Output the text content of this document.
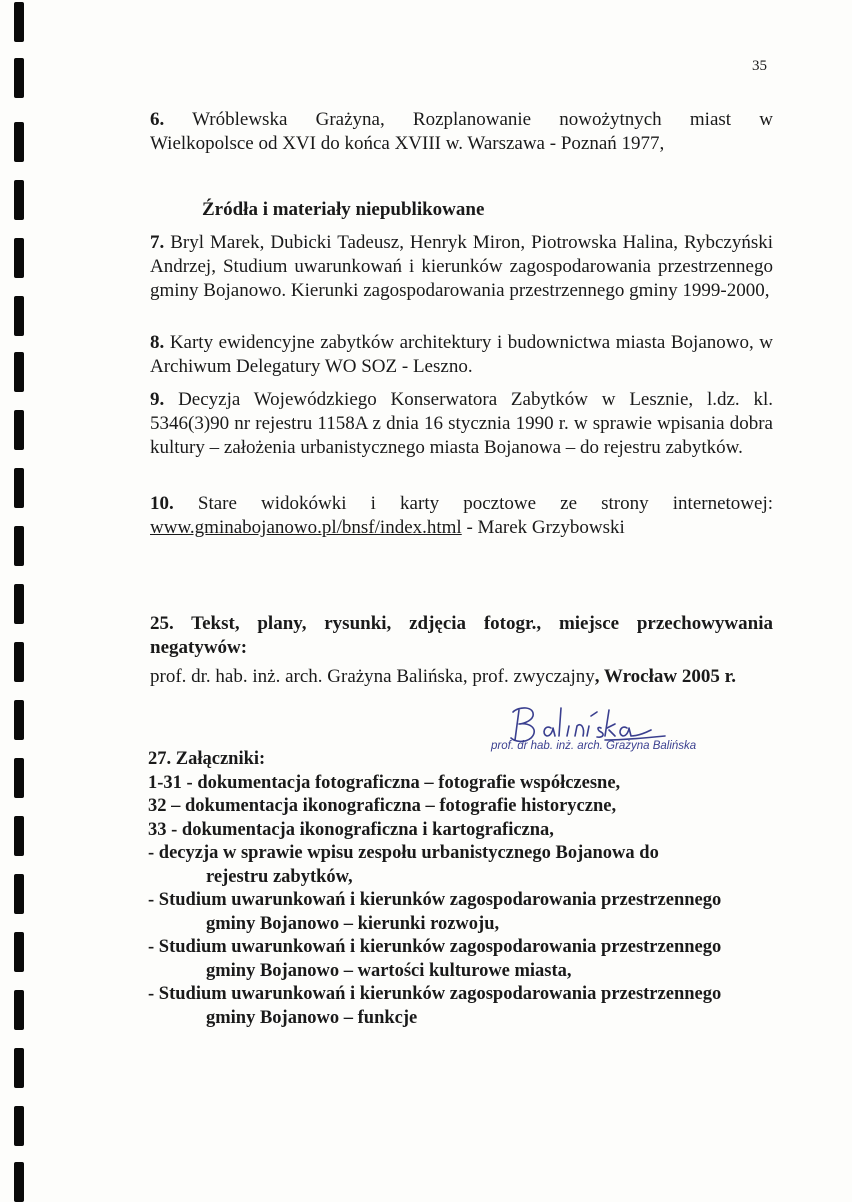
35
6. Wróblewska Grażyna, Rozplanowanie nowożytnych miast w
Wielkopolsce od XVI do końca XVIII w. Warszawa - Poznań 1977,
Źródła i materiały niepublikowane
7. Bryl Marek, Dubicki Tadeusz, Henryk Miron, Piotrowska Halina, Rybczyński Andrzej, Studium uwarunkowań i kierunków zagospodarowania przestrzennego gminy Bojanowo. Kierunki zagospodarowania przestrzennego gminy 1999-2000,
8. Karty ewidencyjne zabytków architektury i budownictwa miasta Bojanowo, w Archiwum Delegatury WO SOZ - Leszno.
9. Decyzja Wojewódzkiego Konserwatora Zabytków w Lesznie, l.dz. kl. 5346(3)90 nr rejestru 1158A z dnia 16 stycznia 1990 r. w sprawie wpisania dobra kultury – założenia urbanistycznego miasta Bojanowa – do rejestru zabytków.
10. Stare widokówki i karty pocztowe ze strony internetowej:
www.gminabojanowo.pl/bnsf/index.html - Marek Grzybowski
25. Tekst, plany, rysunki, zdjęcia fotogr., miejsce przechowywania negatywów:
prof. dr. hab. inż. arch. Grażyna Balińska, prof. zwyczajny, Wrocław 2005 r.
prof. dr hab. inż. arch. Grażyna Balińska
27. Załączniki:
1-31 - dokumentacja fotograficzna – fotografie współczesne,
32 – dokumentacja ikonograficzna – fotografie historyczne,
33 - dokumentacja ikonograficzna i kartograficzna,
- decyzja w sprawie wpisu zespołu urbanistycznego Bojanowa do
rejestru zabytków,
- Studium uwarunkowań i kierunków zagospodarowania przestrzennego
gminy Bojanowo – kierunki rozwoju,
- Studium uwarunkowań i kierunków zagospodarowania przestrzennego
gminy Bojanowo – wartości kulturowe miasta,
- Studium uwarunkowań i kierunków zagospodarowania przestrzennego
gminy Bojanowo – funkcje
